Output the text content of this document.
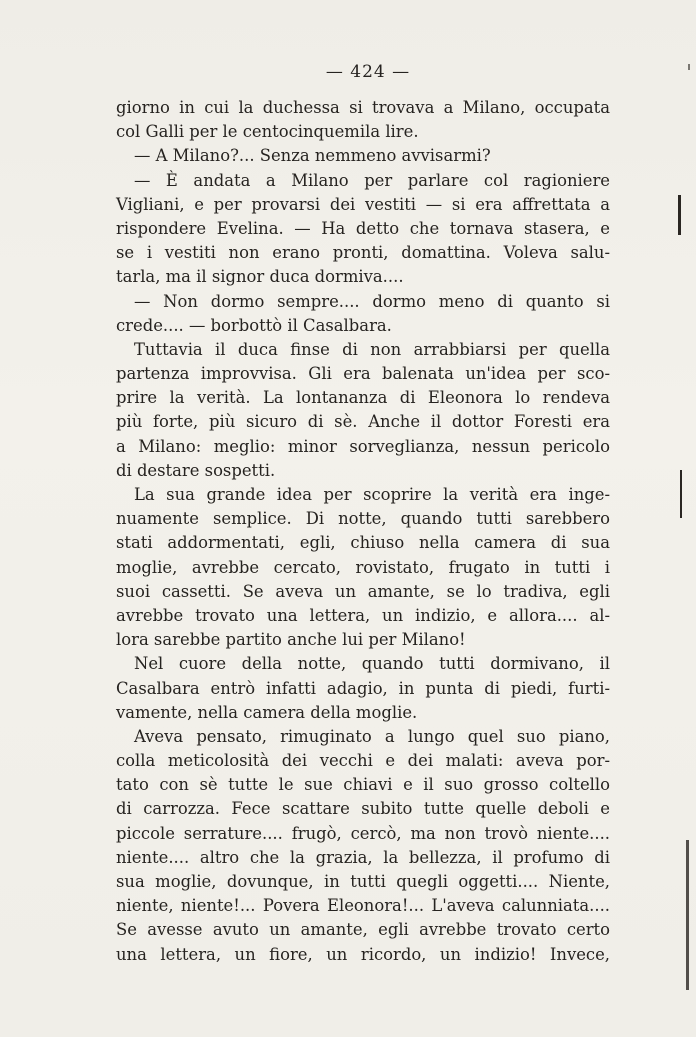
— 424 —
giorno in cui la duchessa si trovava a Milano, occupata
col Galli per le centocinquemila lire.
— A Milano?... Senza nemmeno avvisarmi?
— È andata a Milano per parlare col ragioniere
Vigliani, e per provarsi dei vestiti — si era affrettata a
rispondere Evelina. — Ha detto che tornava stasera, e
se i vestiti non erano pronti, domattina. Voleva salu-
tarla, ma il signor duca dormiva....
— Non dormo sempre.... dormo meno di quanto si
crede.... — borbottò il Casalbara.
Tuttavia il duca finse di non arrabbiarsi per quella
partenza improvvisa. Gli era balenata un'idea per sco-
prire la verità. La lontananza di Eleonora lo rendeva
più forte, più sicuro di sè. Anche il dottor Foresti era
a Milano: meglio: minor sorveglianza, nessun pericolo
di destare sospetti.
La sua grande idea per scoprire la verità era inge-
nuamente semplice. Di notte, quando tutti sarebbero
stati addormentati, egli, chiuso nella camera di sua
moglie, avrebbe cercato, rovistato, frugato in tutti i
suoi cassetti. Se aveva un amante, se lo tradiva, egli
avrebbe trovato una lettera, un indizio, e allora.... al-
lora sarebbe partito anche lui per Milano!
Nel cuore della notte, quando tutti dormivano, il
Casalbara entrò infatti adagio, in punta di piedi, furti-
vamente, nella camera della moglie.
Aveva pensato, rimuginato a lungo quel suo piano,
colla meticolosità dei vecchi e dei malati: aveva por-
tato con sè tutte le sue chiavi e il suo grosso coltello
di carrozza. Fece scattare subito tutte quelle deboli e
piccole serrature.... frugò, cercò, ma non trovò niente....
niente.... altro che la grazia, la bellezza, il profumo di
sua moglie, dovunque, in tutti quegli oggetti.... Niente,
niente, niente!... Povera Eleonora!... L'aveva calunniata....
Se avesse avuto un amante, egli avrebbe trovato certo
una lettera, un fiore, un ricordo, un indizio! Invece,
